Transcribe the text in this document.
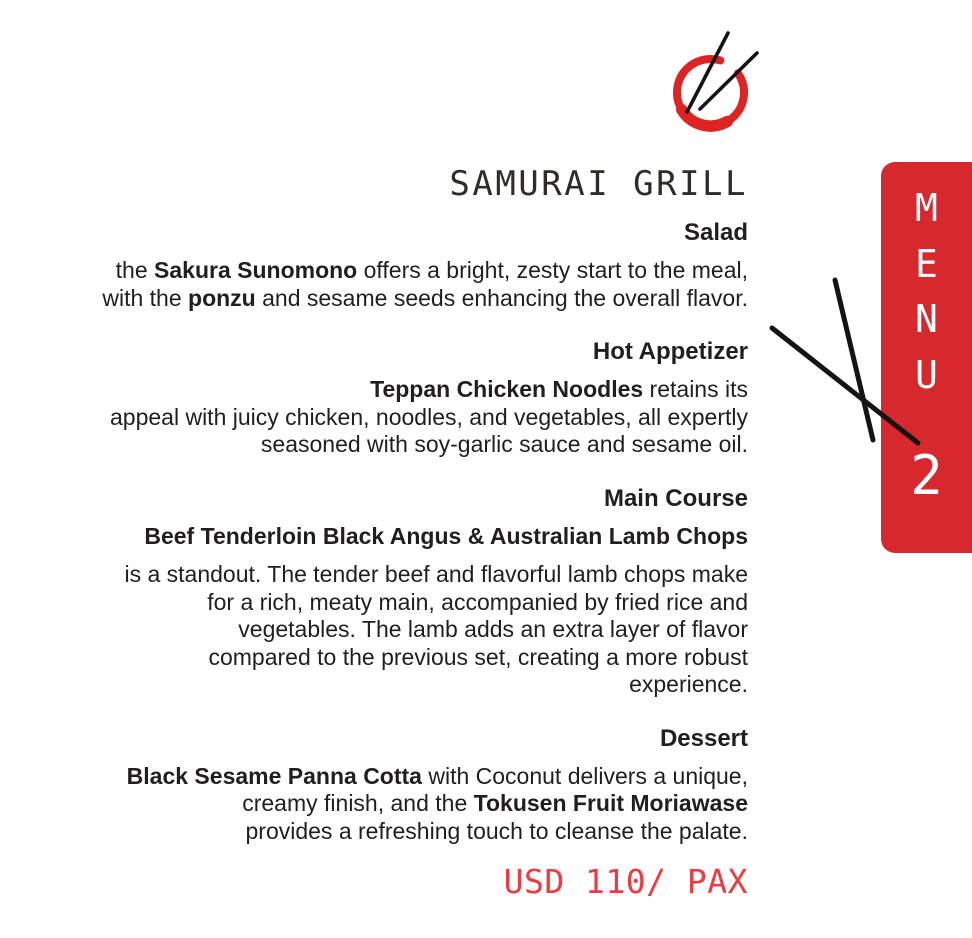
SAMURAI GRILL
M
E
N
U
2
Salad
the Sakura Sunomono offers a bright, zesty start to the meal,
with the ponzu and sesame seeds enhancing the overall flavor.
Hot Appetizer
Teppan Chicken Noodles retains its
appeal with juicy chicken, noodles, and vegetables, all expertly
seasoned with soy-garlic sauce and sesame oil.
Main Course
Beef Tenderloin Black Angus & Australian Lamb Chops
is a standout. The tender beef and flavorful lamb chops make
for a rich, meaty main, accompanied by fried rice and
vegetables. The lamb adds an extra layer of flavor
compared to the previous set, creating a more robust
experience.
Dessert
Black Sesame Panna Cotta with Coconut delivers a unique,
creamy finish, and the Tokusen Fruit Moriawase
provides a refreshing touch to cleanse the palate.
USD 110/ PAX
